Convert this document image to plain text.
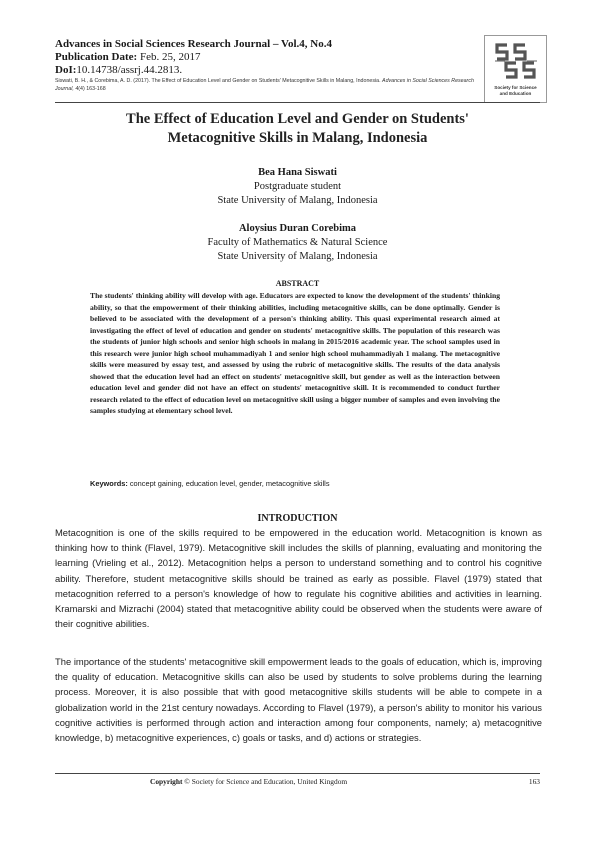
Advances in Social Sciences Research Journal – Vol.4, No.4
Publication Date: Feb. 25, 2017
DoI:10.14738/assrj.44.2813.
Siswati, B. H., & Corebima, A. D. (2017). The Effect of Education Level and Gender on Students' Metacognitive Skills in Malang, Indonesia. Advances in Social Sciences Research Journal, 4(4) 163-168	Society for Science
and Education
The Effect of Education Level and Gender on Students'
Metacognitive Skills in Malang, Indonesia
Bea Hana Siswati
Postgraduate student
State University of Malang, Indonesia
Aloysius Duran Corebima
Faculty of Mathematics & Natural Science
State University of Malang, Indonesia
ABSTRACT
The students' thinking ability will develop with age. Educators are expected to know the development of the students' thinking ability, so that the empowerment of their thinking abilities, including metacognitive skills, can be done optimally. Gender is believed to be associated with the development of a person's thinking ability. This quasi experimental research aimed at investigating the effect of level of education and gender on students' metacognitive skills. The population of this research was the students of junior high schools and senior high schools in malang in 2015/2016 academic year. The school samples used in this research were junior high school muhammadiyah 1 and senior high school muhammadiyah 1 malang. The metacognitive skills were measured by essay test, and assessed by using the rubric of metacognitive skills. The results of the data analysis showed that the education level had an effect on students' metacognitive skill, but gender as well as the interaction between education level and gender did not have an effect on students' metacognitive skill. It is recommended to conduct further research related to the effect of education level on metacognitive skill using a bigger number of samples and even involving the samples studying at elementary school level.
Keywords: concept gaining, education level, gender, metacognitive skills
INTRODUCTION
Metacognition is one of the skills required to be empowered in the education world. Metacognition is known as thinking how to think (Flavel, 1979). Metacognitive skill includes the skills of planning, evaluating and monitoring the learning (Vrieling et al., 2012). Metacognition helps a person to understand something and to control his cognitive ability. Therefore, student metacognitive skills should be trained as early as possible. Flavel (1979) stated that metacognition referred to a person's knowledge of how to regulate his cognitive abilities and activities in learning. Kramarski and Mizrachi (2004) stated that metacognitive ability could be observed when the students were aware of their cognitive abilities.
The importance of the students' metacognitive skill empowerment leads to the goals of education, which is, improving the quality of education. Metacognitive skills can also be used by students to solve problems during the learning process. Moreover, it is also possible that with good metacognitive skills students will be able to compete in a globalization world in the 21st century nowadays. According to Flavel (1979), a person's ability to monitor his various cognitive activities is performed through action and interaction among four components, namely; a) metacognitive knowledge, b) metacognitive experiences, c) goals or tasks, and d) actions or strategies.
Copyright © Society for Science and Education, United Kingdom	163
